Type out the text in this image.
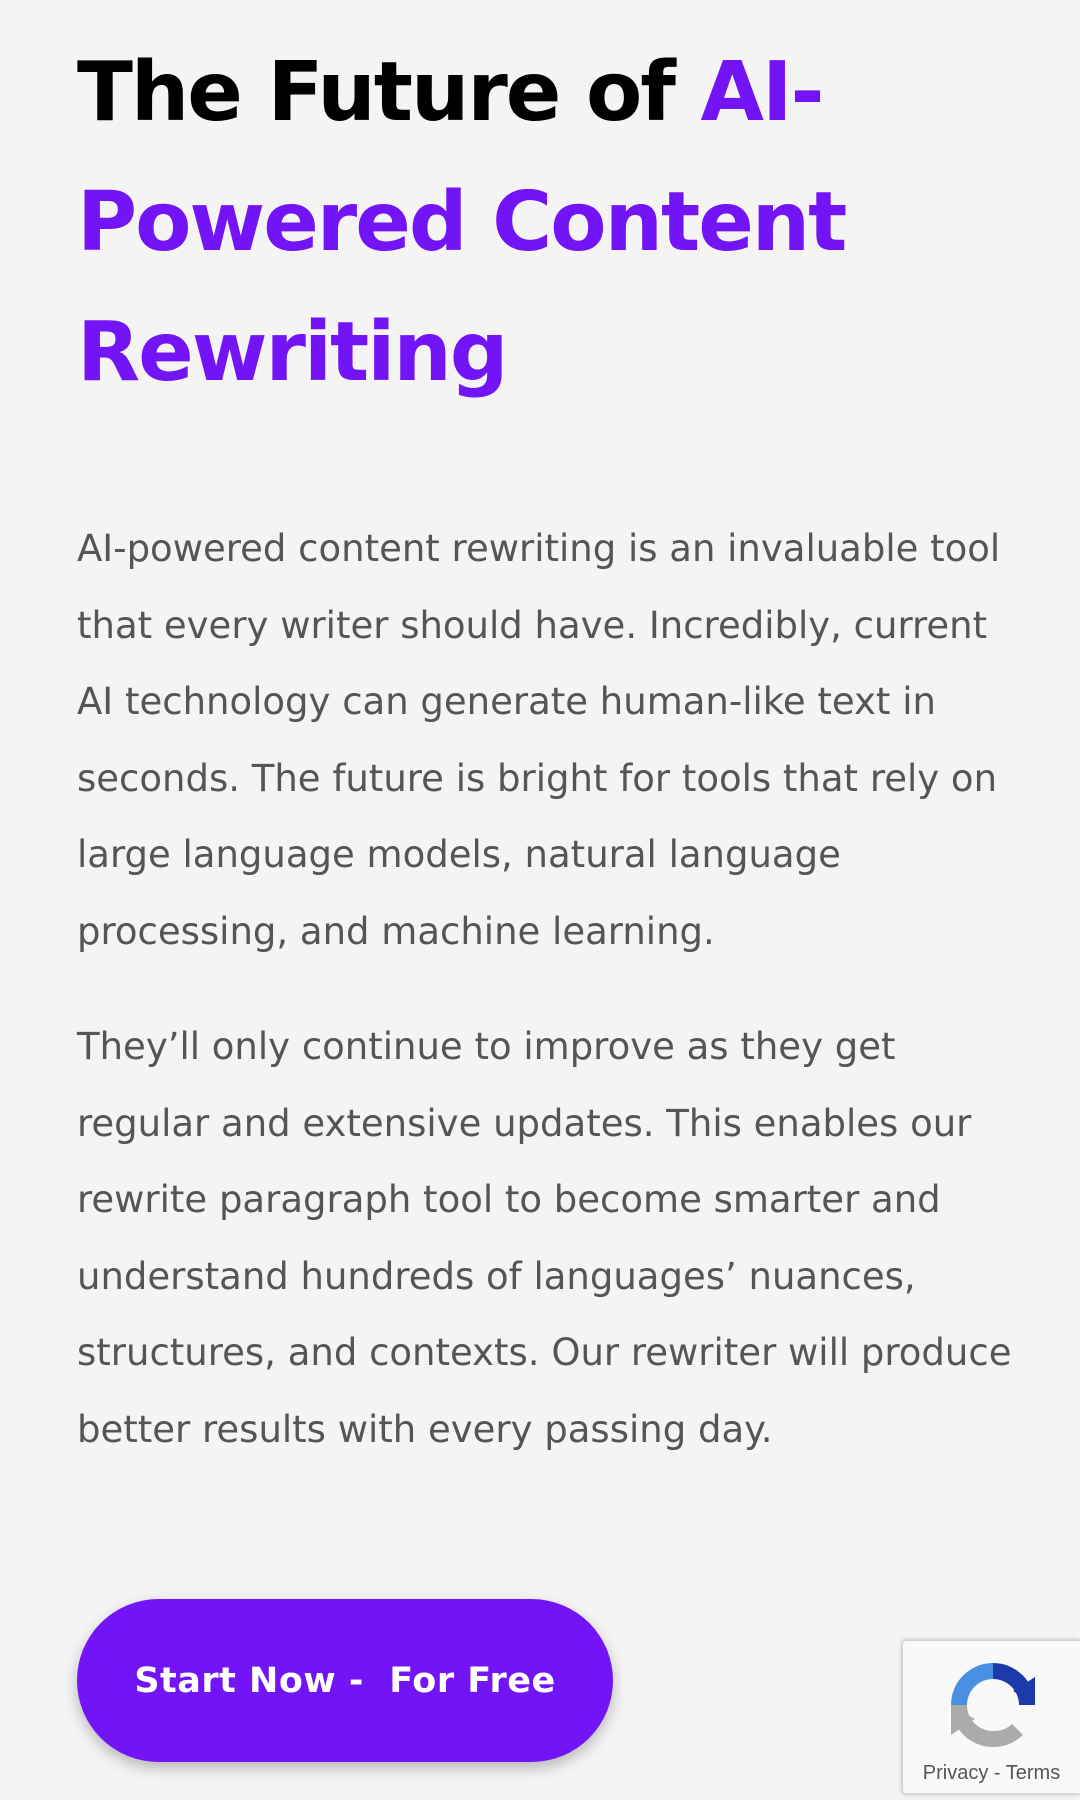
The Future of AI-Powered Content Rewriting

AI-powered content rewriting is an invaluable tool that every writer should have. Incredibly, current AI technology can generate human-like text in seconds. The future is bright for tools that rely on large language models, natural language processing, and machine learning.

They’ll only continue to improve as they get regular and extensive updates. This enables our rewrite paragraph tool to become smarter and understand hundreds of languages’ nuances, structures, and contexts. Our rewriter will produce better results with every passing day.

Start Now -  For Free
Privacy - Terms
